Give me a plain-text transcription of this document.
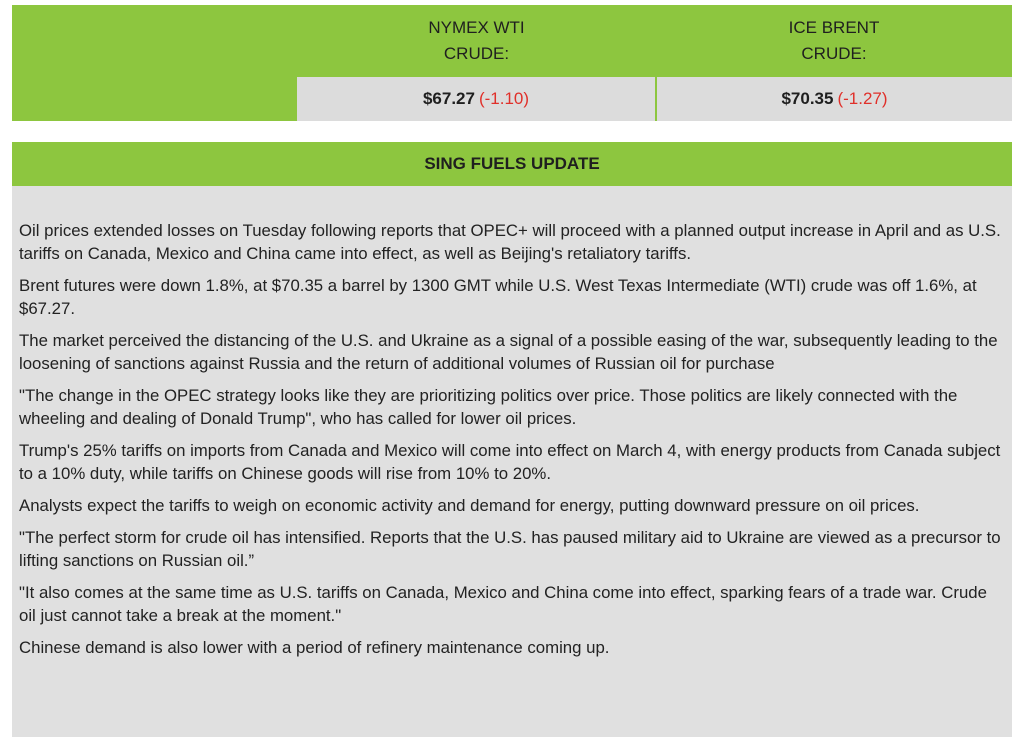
NYMEX WTI
CRUDE:
ICE BRENT
CRUDE:
$67.27 (-1.10)	$70.35 (-1.27)
SING FUELS UPDATE

Oil prices extended losses on Tuesday following reports that OPEC+ will proceed with a planned output increase in April and as U.S. tariffs on Canada, Mexico and China came into effect, as well as Beijing's retaliatory tariffs.

Brent futures were down 1.8%, at $70.35 a barrel by 1300 GMT while U.S. West Texas Intermediate (WTI) crude was off 1.6%, at $67.27.

The market perceived the distancing of the U.S. and Ukraine as a signal of a possible easing of the war, subsequently leading to the loosening of sanctions against Russia and the return of additional volumes of Russian oil for purchase

"The change in the OPEC strategy looks like they are prioritizing politics over price. Those politics are likely connected with the wheeling and dealing of Donald Trump", who has called for lower oil prices.

Trump's 25% tariffs on imports from Canada and Mexico will come into effect on March 4, with energy products from Canada subject to a 10% duty, while tariffs on Chinese goods will rise from 10% to 20%.

Analysts expect the tariffs to weigh on economic activity and demand for energy, putting downward pressure on oil prices.

"The perfect storm for crude oil has intensified. Reports that the U.S. has paused military aid to Ukraine are viewed as a precursor to lifting sanctions on Russian oil.”

"It also comes at the same time as U.S. tariffs on Canada, Mexico and China come into effect, sparking fears of a trade war. Crude oil just cannot take a break at the moment."

Chinese demand is also lower with a period of refinery maintenance coming up.
